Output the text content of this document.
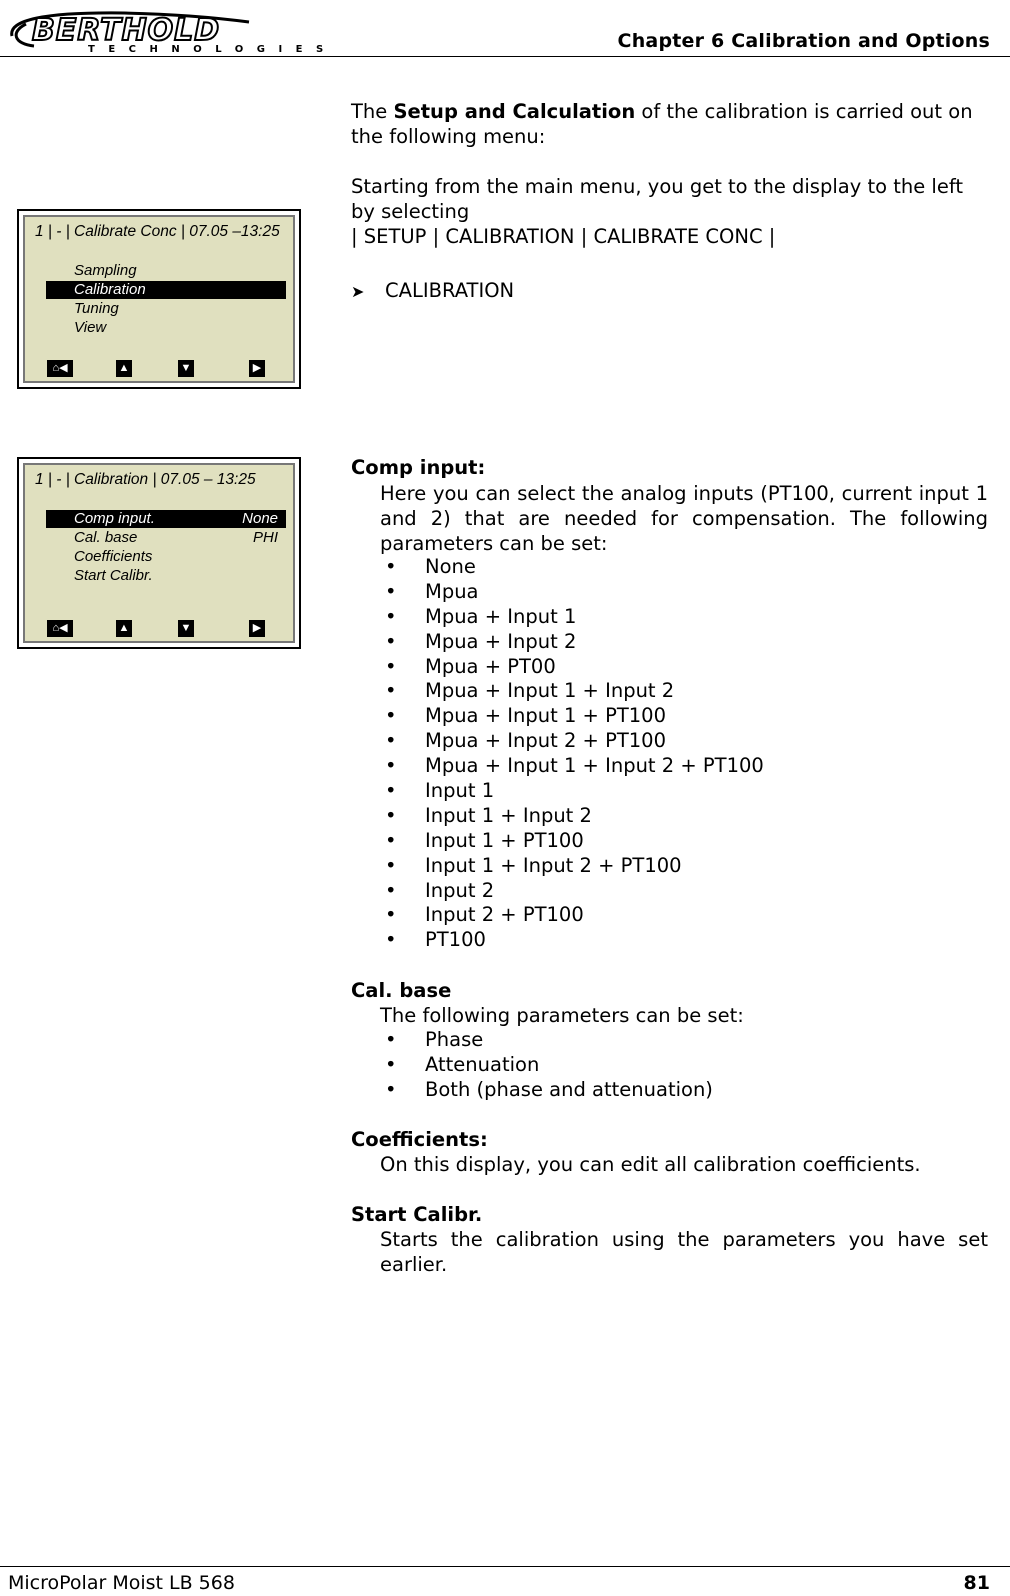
BERTHOLD
TECHNOLOGIES	Chapter 6 Calibration and Options
1 | - | Calibrate Conc | 07.05 –13:25
Sampling
Calibration
Tuning
View
⌂◀	▲	▼	▶
1 | - | Calibration | 07.05 – 13:25
Comp input.	None
Cal. base	PHI
Coefficients
Start Calibr.
⌂◀	▲	▼	▶
The Setup and Calculation of the calibration is carried out on the following menu:
Starting from the main menu, you get to the display to the left by selecting
| SETUP | CALIBRATION | CALIBRATE CONC |
➤ CALIBRATION
Comp input:
Here you can select the analog inputs (PT100, current input 1 and 2) that are needed for compensation. The following parameters can be set:
• None
• Mpua
• Mpua + Input 1
• Mpua + Input 2
• Mpua + PT00
• Mpua + Input 1 + Input 2
• Mpua + Input 1 + PT100
• Mpua + Input 2 + PT100
• Mpua + Input 1 + Input 2 + PT100
• Input 1
• Input 1 + Input 2
• Input 1 + PT100
• Input 1 + Input 2 + PT100
• Input 2
• Input 2 + PT100
• PT100
Cal. base
The following parameters can be set:
• Phase
• Attenuation
• Both (phase and attenuation)
Coefficients:
On this display, you can edit all calibration coefficients.
Start Calibr.
Starts the calibration using the parameters you have set earlier.
MicroPolar Moist LB 568	81
